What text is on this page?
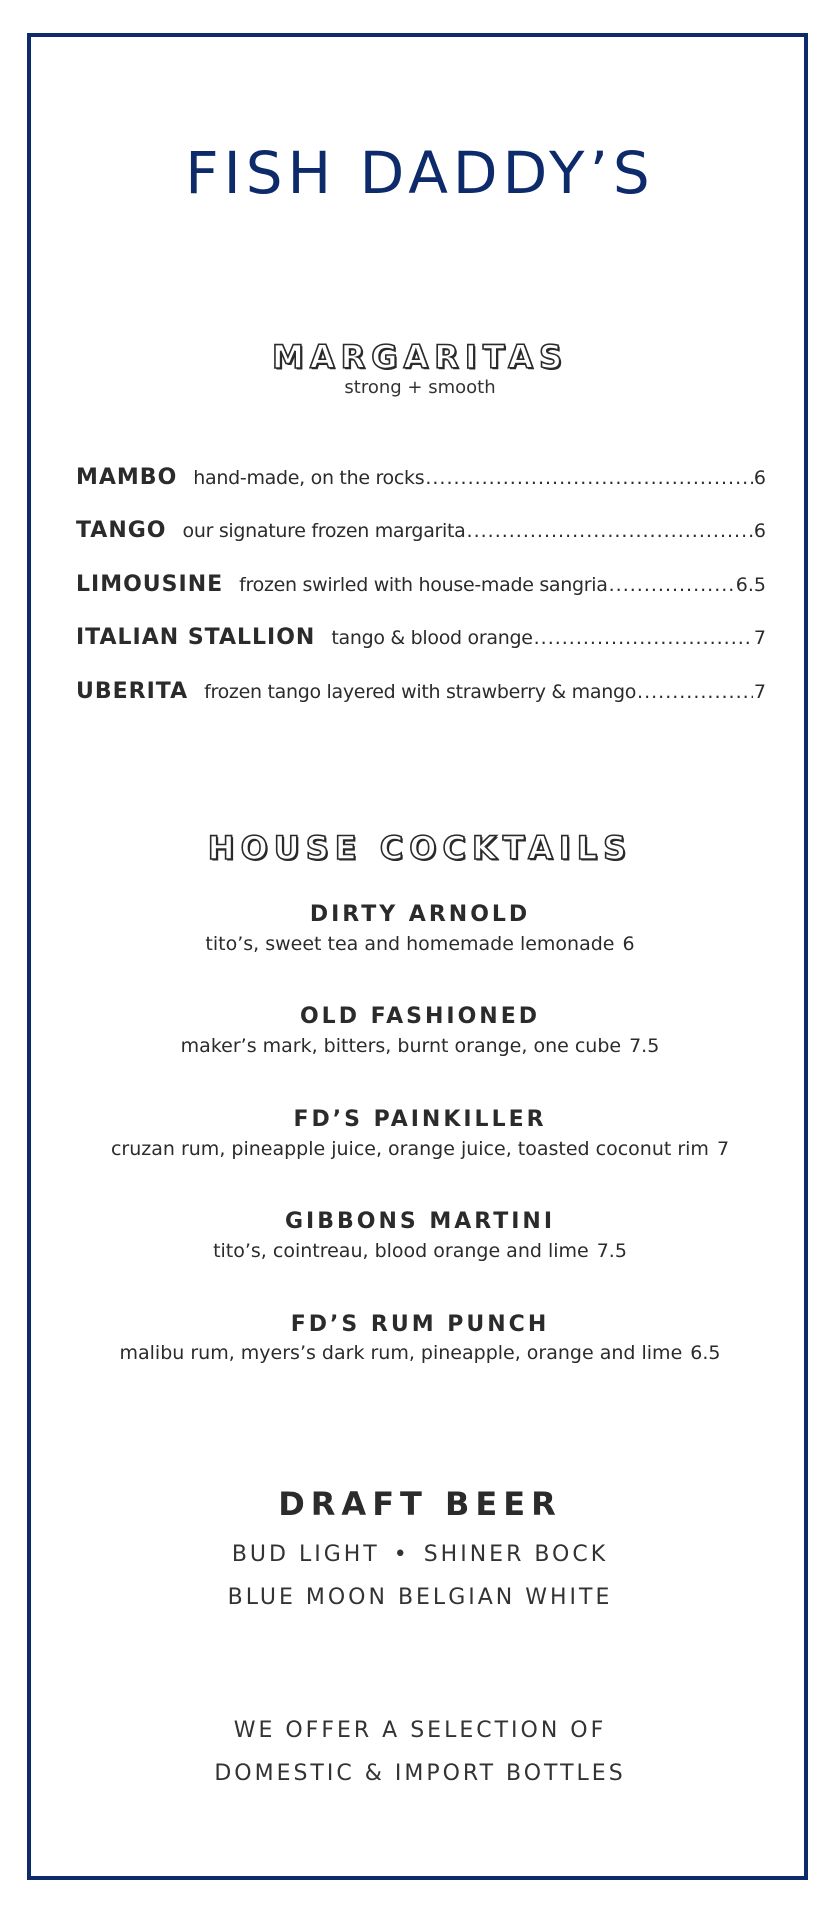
FISH DADDY’S
MARGARITAS
strong + smooth
MAMBO hand-made, on the rocks .....	6
TANGO our signature frozen margarita .....	6
LIMOUSINE frozen swirled with house-made sangria .....	6.5
ITALIAN STALLION tango & blood orange .....	7
UBERITA frozen tango layered with strawberry & mango .....	7
HOUSE COCKTAILS
DIRTY ARNOLD
tito’s, sweet tea and homemade lemonade 6
OLD FASHIONED
maker’s mark, bitters, burnt orange, one cube 7.5
FD’S PAINKILLER
cruzan rum, pineapple juice, orange juice, toasted coconut rim 7
GIBBONS MARTINI
tito’s, cointreau, blood orange and lime 7.5
FD’S RUM PUNCH
malibu rum, myers’s dark rum, pineapple, orange and lime 6.5
DRAFT BEER
BUD LIGHT • SHINER BOCK
BLUE MOON BELGIAN WHITE
WE OFFER A SELECTION OF
DOMESTIC & IMPORT BOTTLES
